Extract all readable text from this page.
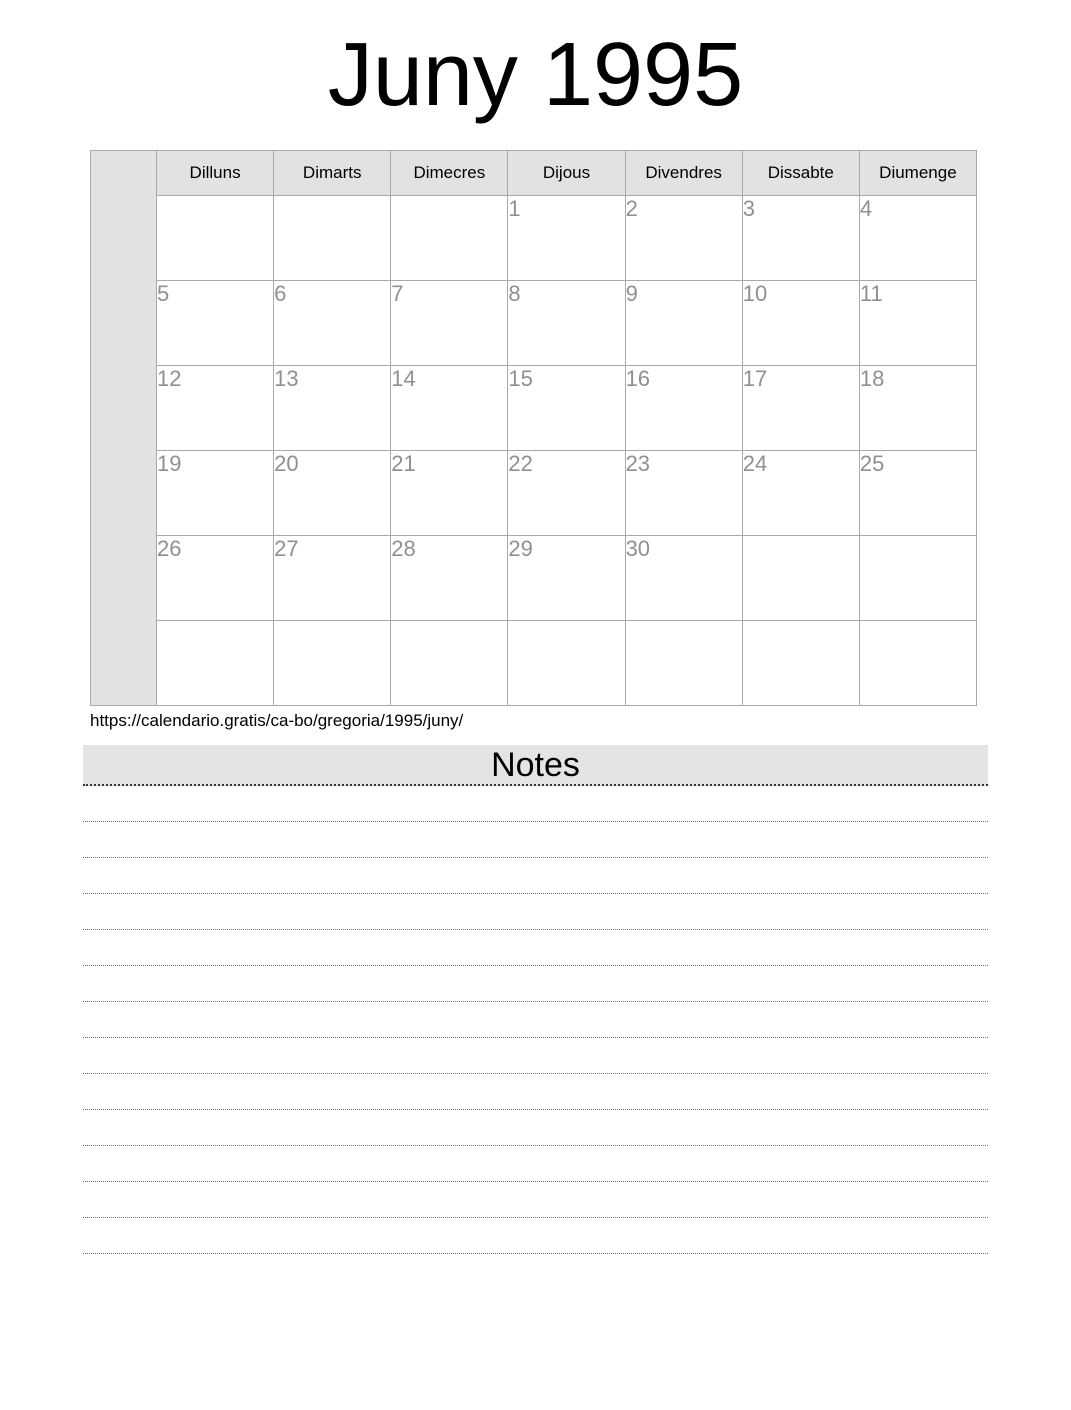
Juny 1995
	Dilluns	Dimarts	Dimecres	Dijous	Divendres	Dissabte	Diumenge
				1	2	3	4
	5	6	7	8	9	10	11
	12	13	14	15	16	17	18
	19	20	21	22	23	24	25
	26	27	28	29	30		

https://calendario.gratis/ca-bo/gregoria/1995/juny/
Notes
